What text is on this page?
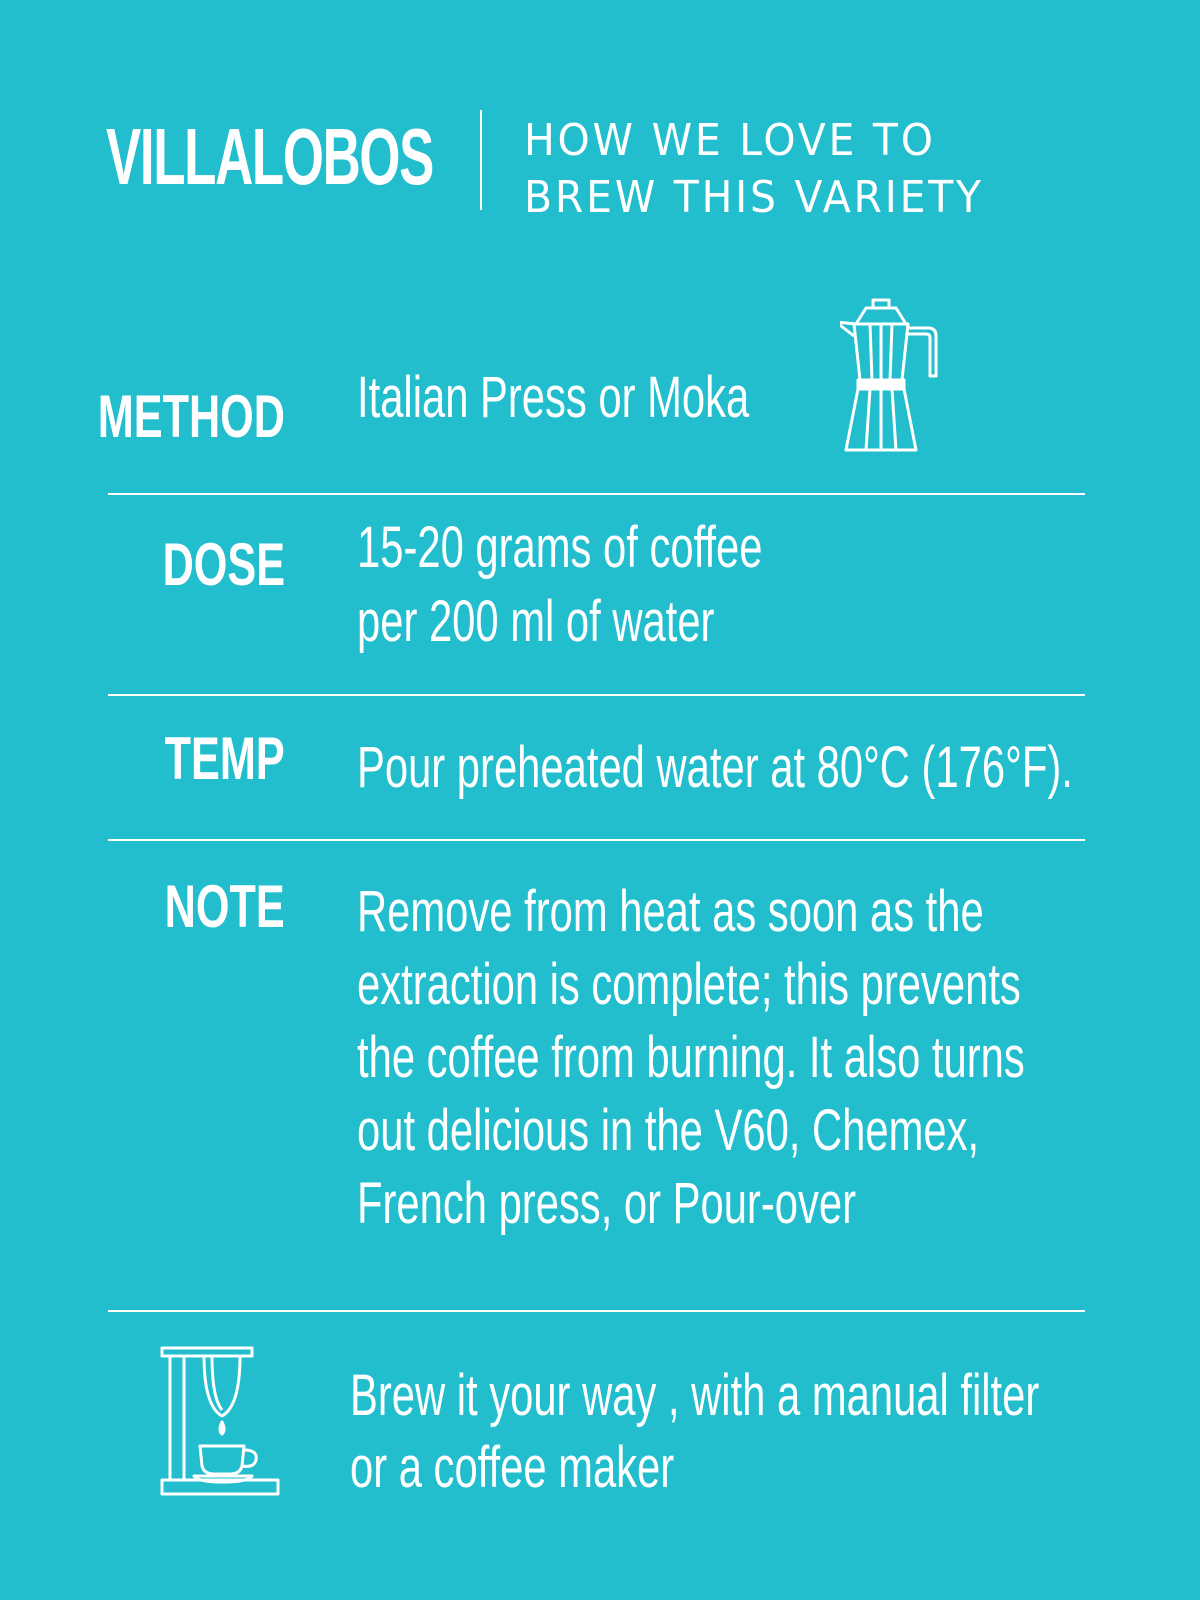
VILLALOBOS HOW WE LOVE TO
BREW THIS VARIETY
METHOD Italian Press or Moka
DOSE 15-20 grams of coffee
per 200 ml of water
TEMP Pour preheated water at 80°C (176°F).
NOTE Remove from heat as soon as the
extraction is complete; this prevents
the coffee from burning. It also turns
out delicious in the V60, Chemex,
French press, or Pour-over
Brew it your way , with a manual filter
or a coffee maker
